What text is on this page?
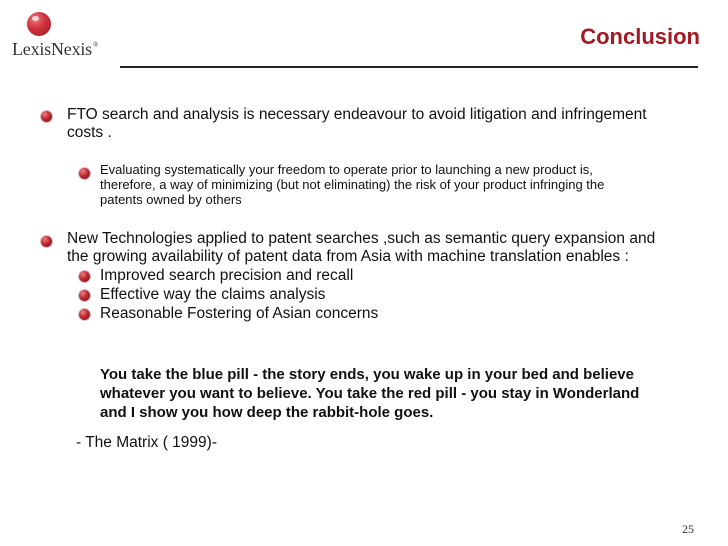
LexisNexis®	Conclusion
FTO search and analysis is necessary endeavour to avoid litigation and infringement
costs .
Evaluating systematically your freedom to operate prior to launching a new product is,
therefore, a way of minimizing (but not eliminating) the risk of your product infringing the
patents owned by others
New Technologies applied to patent searches ,such as semantic query expansion and
the growing availability of patent data from Asia with machine translation enables :
Improved search precision and recall
Effective way the claims analysis
Reasonable Fostering of Asian concerns
You take the blue pill - the story ends, you wake up in your bed and believe
whatever you want to believe. You take the red pill - you stay in Wonderland
and I show you how deep the rabbit-hole goes.
- The Matrix ( 1999)-
25
